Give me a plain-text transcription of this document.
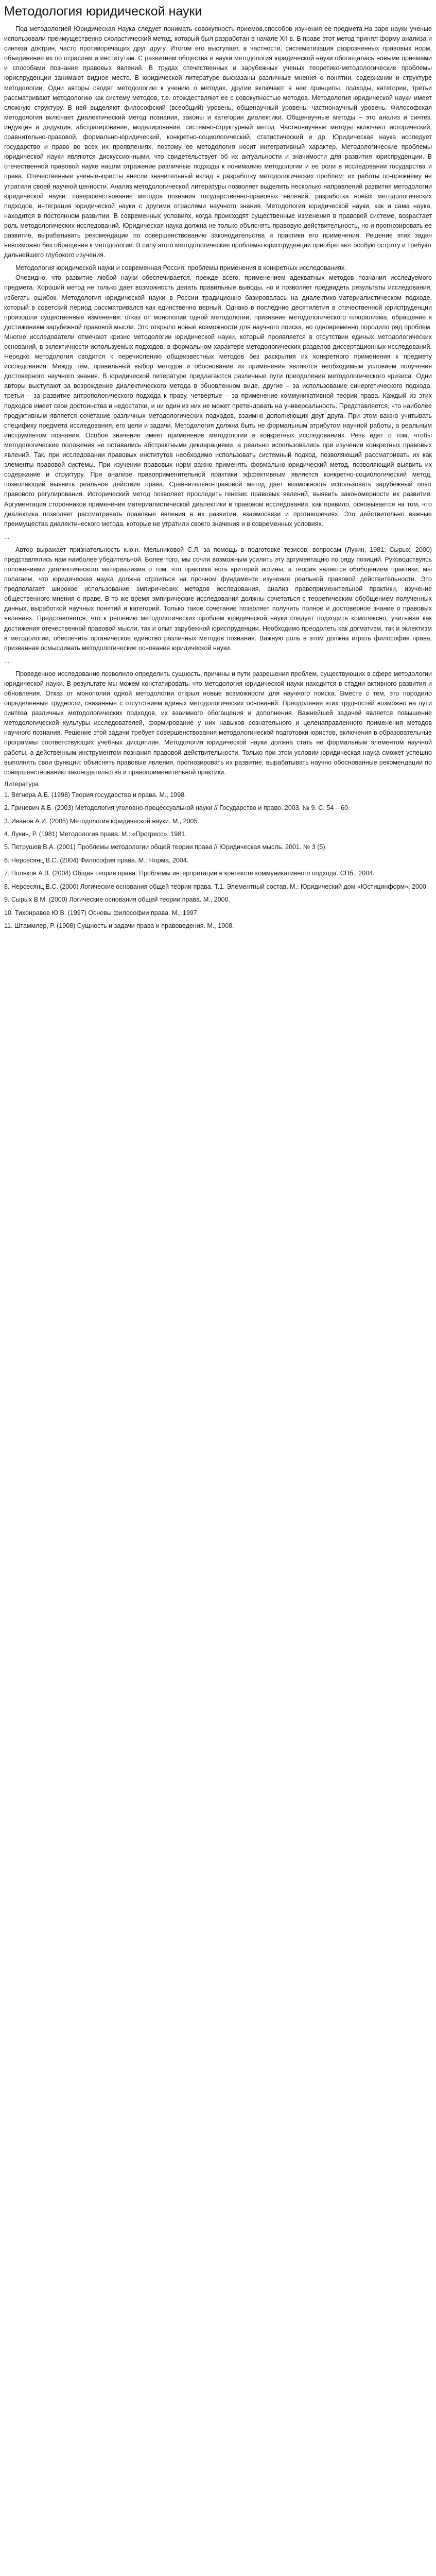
Методология юридической науки

Под методологией Юридическая Наука следует понимать совокупность приемов,способов изучения ее предмета.На заре науки ученые использовали преимущественно схоластический метод, который был разработан в начале XII в. В праве этот метод принял форму анализа и синтеза доктрин, часто противоречащих друг другу. Итогом его выступает, в частности, систематизация разрозненных правовых норм, объединение их по отраслям и институтам. С развитием общества и науки методология юридической науки обогащалась новыми приемами и способами познания правовых явлений. В трудах отечественных и зарубежных ученых теоретико-методологические проблемы юриспруденции занимают видное место. В юридической литературе высказаны различные мнения о понятии, содержании и структуре методологии. Одни авторы сводят методологию к учению о методах, другие включают в нее принципы, подходы, категории, третьи рассматривают методологию как систему методов, т.е. отождествляют ее с совокупностью методов. Методология юридической науки имеет сложную структуру. В ней выделяют философский (всеобщий) уровень, общенаучный уровень, частнонаучный уровень. Философская методология включает диалектический метод познания, законы и категории диалектики. Общенаучные методы – это анализ и синтез, индукция и дедукция, абстрагирование, моделирование, системно-структурный метод. Частнонаучные методы включают исторический, сравнительно-правовой, формально-юридический, конкретно-социологический, статистический и др. Юридическая наука исследует государство и право во всех их проявлениях, поэтому ее методология носит интегративный характер. Методологические проблемы юридической науки являются дискуссионными, что свидетельствует об их актуальности и значимости для развития юриспруденции. В отечественной правовой науке нашли отражение различные подходы к пониманию методологии и ее роли в исследовании государства и права. Отечественные ученые-юристы внесли значительный вклад в разработку методологических проблем: их работы по-прежнему не утратили своей научной ценности. Анализ методологической литературы позволяет выделить несколько направлений развития методологии юридической науки: совершенствование методов познания государственно-правовых явлений, разработка новых методологических подходов, интеграция юридической науки с другими отраслями научного знания. Методология юридической науки, как и сама наука, находится в постоянном развитии. В современных условиях, когда происходят существенные изменения в правовой системе, возрастает роль методологических исследований. Юридическая наука должна не только объяснять правовую действительность, но и прогнозировать ее развитие, вырабатывать рекомендации по совершенствованию законодательства и практики его применения. Решение этих задач невозможно без обращения к методологии. В силу этого методологические проблемы юриспруденции приобретают особую остроту и требуют дальнейшего глубокого изучения.

Методология юридической науки и современная Россия: проблемы применения в конкретных исследованиях.

Очевидно, что развитие любой науки обеспечивается, прежде всего, применением адекватных методов познания исследуемого предмета. Хороший метод не только дает возможность делать правильные выводы, но и позволяет предвидеть результаты исследования, избегать ошибок. Методология юридической науки в России традиционно базировалась на диалектико-материалистическом подходе, который в советский период рассматривался как единственно верный. Однако в последние десятилетия в отечественной юриспруденции произошли существенные изменения: отказ от монополии одной методологии, признание методологического плюрализма, обращение к достижениям зарубежной правовой мысли. Это открыло новые возможности для научного поиска, но одновременно породило ряд проблем. Многие исследователи отмечают кризис методологии юридической науки, который проявляется в отсутствии единых методологических оснований, в эклектичности используемых подходов, в формальном характере методологических разделов диссертационных исследований. Нередко методология сводится к перечислению общеизвестных методов без раскрытия их конкретного применения к предмету исследования. Между тем, правильный выбор методов и обоснование их применения являются необходимым условием получения достоверного научного знания. В юридической литературе предлагаются различные пути преодоления методологического кризиса. Одни авторы выступают за возрождение диалектического метода в обновленном виде, другие – за использование синергетического подхода, третьи – за развитие антропологического подхода к праву, четвертые – за применение коммуникативной теории права. Каждый из этих подходов имеет свои достоинства и недостатки, и ни один из них не может претендовать на универсальность. Представляется, что наиболее продуктивным является сочетание различных методологических подходов, взаимно дополняющих друг друга. При этом важно учитывать специфику предмета исследования, его цели и задачи. Методология должна быть не формальным атрибутом научной работы, а реальным инструментом познания. Особое значение имеет применение методологии в конкретных исследованиях. Речь идет о том, чтобы методологические положения не оставались абстрактными декларациями, а реально использовались при изучении конкретных правовых явлений. Так, при исследовании правовых институтов необходимо использовать системный подход, позволяющий рассматривать их как элементы правовой системы. При изучении правовых норм важно применять формально-юридический метод, позволяющий выявить их содержание и структуру. При анализе правоприменительной практики эффективным является конкретно-социологический метод, позволяющий выявить реальное действие права. Сравнительно-правовой метод дает возможность использовать зарубежный опыт правового регулирования. Исторический метод позволяет проследить генезис правовых явлений, выявить закономерности их развития. Аргументация сторонников применения материалистической диалектики в правовом исследовании, как правило, основывается на том, что диалектика позволяет рассматривать правовые явления в их развитии, взаимосвязи и противоречиях. Это действительно важные преимущества диалектического метода, которые не утратили своего значения и в современных условиях.

...

Автор выражает признательность к.ю.н. Мельниковой С.Л. за помощь в подготовке тезисов, вопросам (Лукин, 1981; Сырых, 2000) представлялись нам наиболее убедительной. Более того, мы сочли возможным усилить эту аргументацию по ряду позиций. Руководствуясь положениями диалектического материализма о том, что практика есть критерий истины, а теория является обобщением практики, мы полагаем, что юридическая наука должна строиться на прочном фундаменте изучения реальной правовой действительности. Это предполагает широкое использование эмпирических методов исследования, анализ правоприменительной практики, изучение общественного мнения о праве. В то же время эмпирические исследования должны сочетаться с теоретическим обобщением полученных данных, выработкой научных понятий и категорий. Только такое сочетание позволяет получить полное и достоверное знание о правовых явлениях. Представляется, что к решению методологических проблем юридической науки следует подходить комплексно, учитывая как достижения отечественной правовой мысли, так и опыт зарубежной юриспруденции. Необходимо преодолеть как догматизм, так и эклектизм в методологии, обеспечить органическое единство различных методов познания. Важную роль в этом должна играть философия права, призванная осмысливать методологические основания юридической науки.

...

Проведенное исследование позволило определить сущность, причины и пути разрешения проблем, существующих в сфере методологии юридической науки. В результате мы можем констатировать, что методология юридической науки находится в стадии активного развития и обновления. Отказ от монополии одной методологии открыл новые возможности для научного поиска. Вместе с тем, это породило определенные трудности, связанные с отсутствием единых методологических оснований. Преодоление этих трудностей возможно на пути синтеза различных методологических подходов, их взаимного обогащения и дополнения. Важнейшей задачей является повышение методологической культуры исследователей, формирование у них навыков сознательного и целенаправленного применения методов научного познания. Решение этой задачи требует совершенствования методологической подготовки юристов, включения в образовательные программы соответствующих учебных дисциплин. Методология юридической науки должна стать не формальным элементом научной работы, а действенным инструментом познания правовой действительности. Только при этом условии юридическая наука сможет успешно выполнять свои функции: объяснять правовые явления, прогнозировать их развитие, вырабатывать научно обоснованные рекомендации по совершенствованию законодательства и правоприменительной практики.

Литература
1. Вегнера А.Б. (1998) Теория государства и права. М., 1998.
2. Гриневич А.Б. (2003) Методология уголовно-процессуальной науки // Государство и право. 2003. № 9. С. 54 – 60.
3. Иванов А.И. (2005) Методология юридической науки. М., 2005.
4. Лукин, Р. (1981) Методология права. М.: «Прогресс», 1981.
5. Петрушев В.А. (2001) Проблемы методологии общей теории права // Юридическая мысль. 2001. № 3 (5).
6. Нерсесянц В.С. (2004) Философия права. М.: Норма, 2004.
7. Поляков А.В. (2004) Общая теория права: Проблемы интерпретации в контексте коммуникативного подхода. СПб., 2004.
8. Нерсесянц В.С. (2000) Логические основания общей теории права. Т.1. Элементный состав. М.: Юридический дом «Юстицинформ», 2000.
9. Сырых В.М. (2000) Логические основания общей теории права. М., 2000.
10. Тихонравов Ю.В. (1997) Основы философии права. М., 1997.
11. Штаммлер, Р. (1908) Сущность и задачи права и правоведения. М., 1908.
